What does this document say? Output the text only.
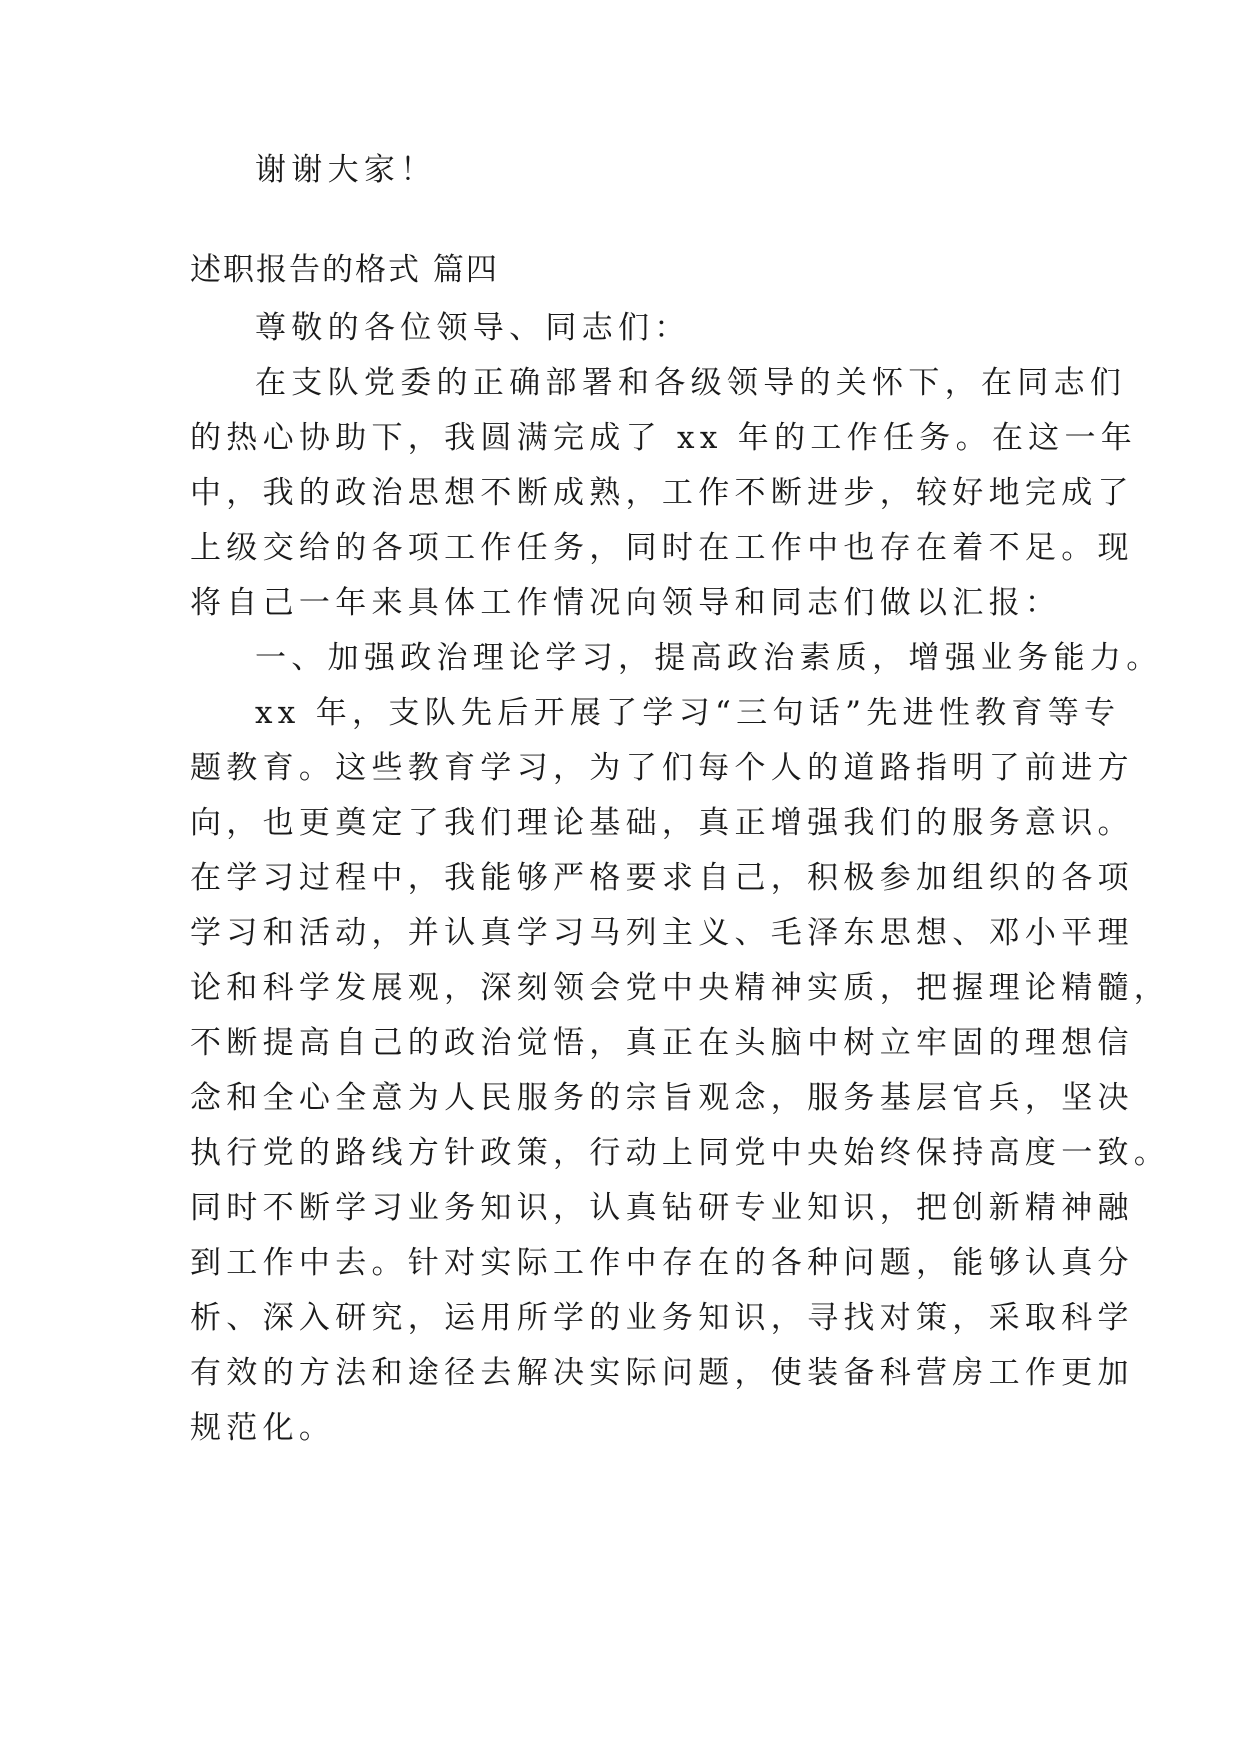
谢谢大家！
述职报告的格式 篇四
尊敬的各位领导、同志们：
在支队党委的正确部署和各级领导的关怀下，在同志们
的热心协助下，我圆满完成了 xx 年的工作任务。在这一年
中，我的政治思想不断成熟，工作不断进步，较好地完成了
上级交给的各项工作任务，同时在工作中也存在着不足。现
将自己一年来具体工作情况向领导和同志们做以汇报：
一、加强政治理论学习，提高政治素质，增强业务能力。
xx 年，支队先后开展了学习“三句话”先进性教育等专
题教育。这些教育学习，为了们每个人的道路指明了前进方
向，也更奠定了我们理论基础，真正增强我们的服务意识。
在学习过程中，我能够严格要求自己，积极参加组织的各项
学习和活动，并认真学习马列主义、毛泽东思想、邓小平理
论和科学发展观，深刻领会党中央精神实质，把握理论精髓，
不断提高自己的政治觉悟，真正在头脑中树立牢固的理想信
念和全心全意为人民服务的宗旨观念，服务基层官兵，坚决
执行党的路线方针政策，行动上同党中央始终保持高度一致。
同时不断学习业务知识，认真钻研专业知识，把创新精神融
到工作中去。针对实际工作中存在的各种问题，能够认真分
析、深入研究，运用所学的业务知识，寻找对策，采取科学
有效的方法和途径去解决实际问题，使装备科营房工作更加
规范化。
